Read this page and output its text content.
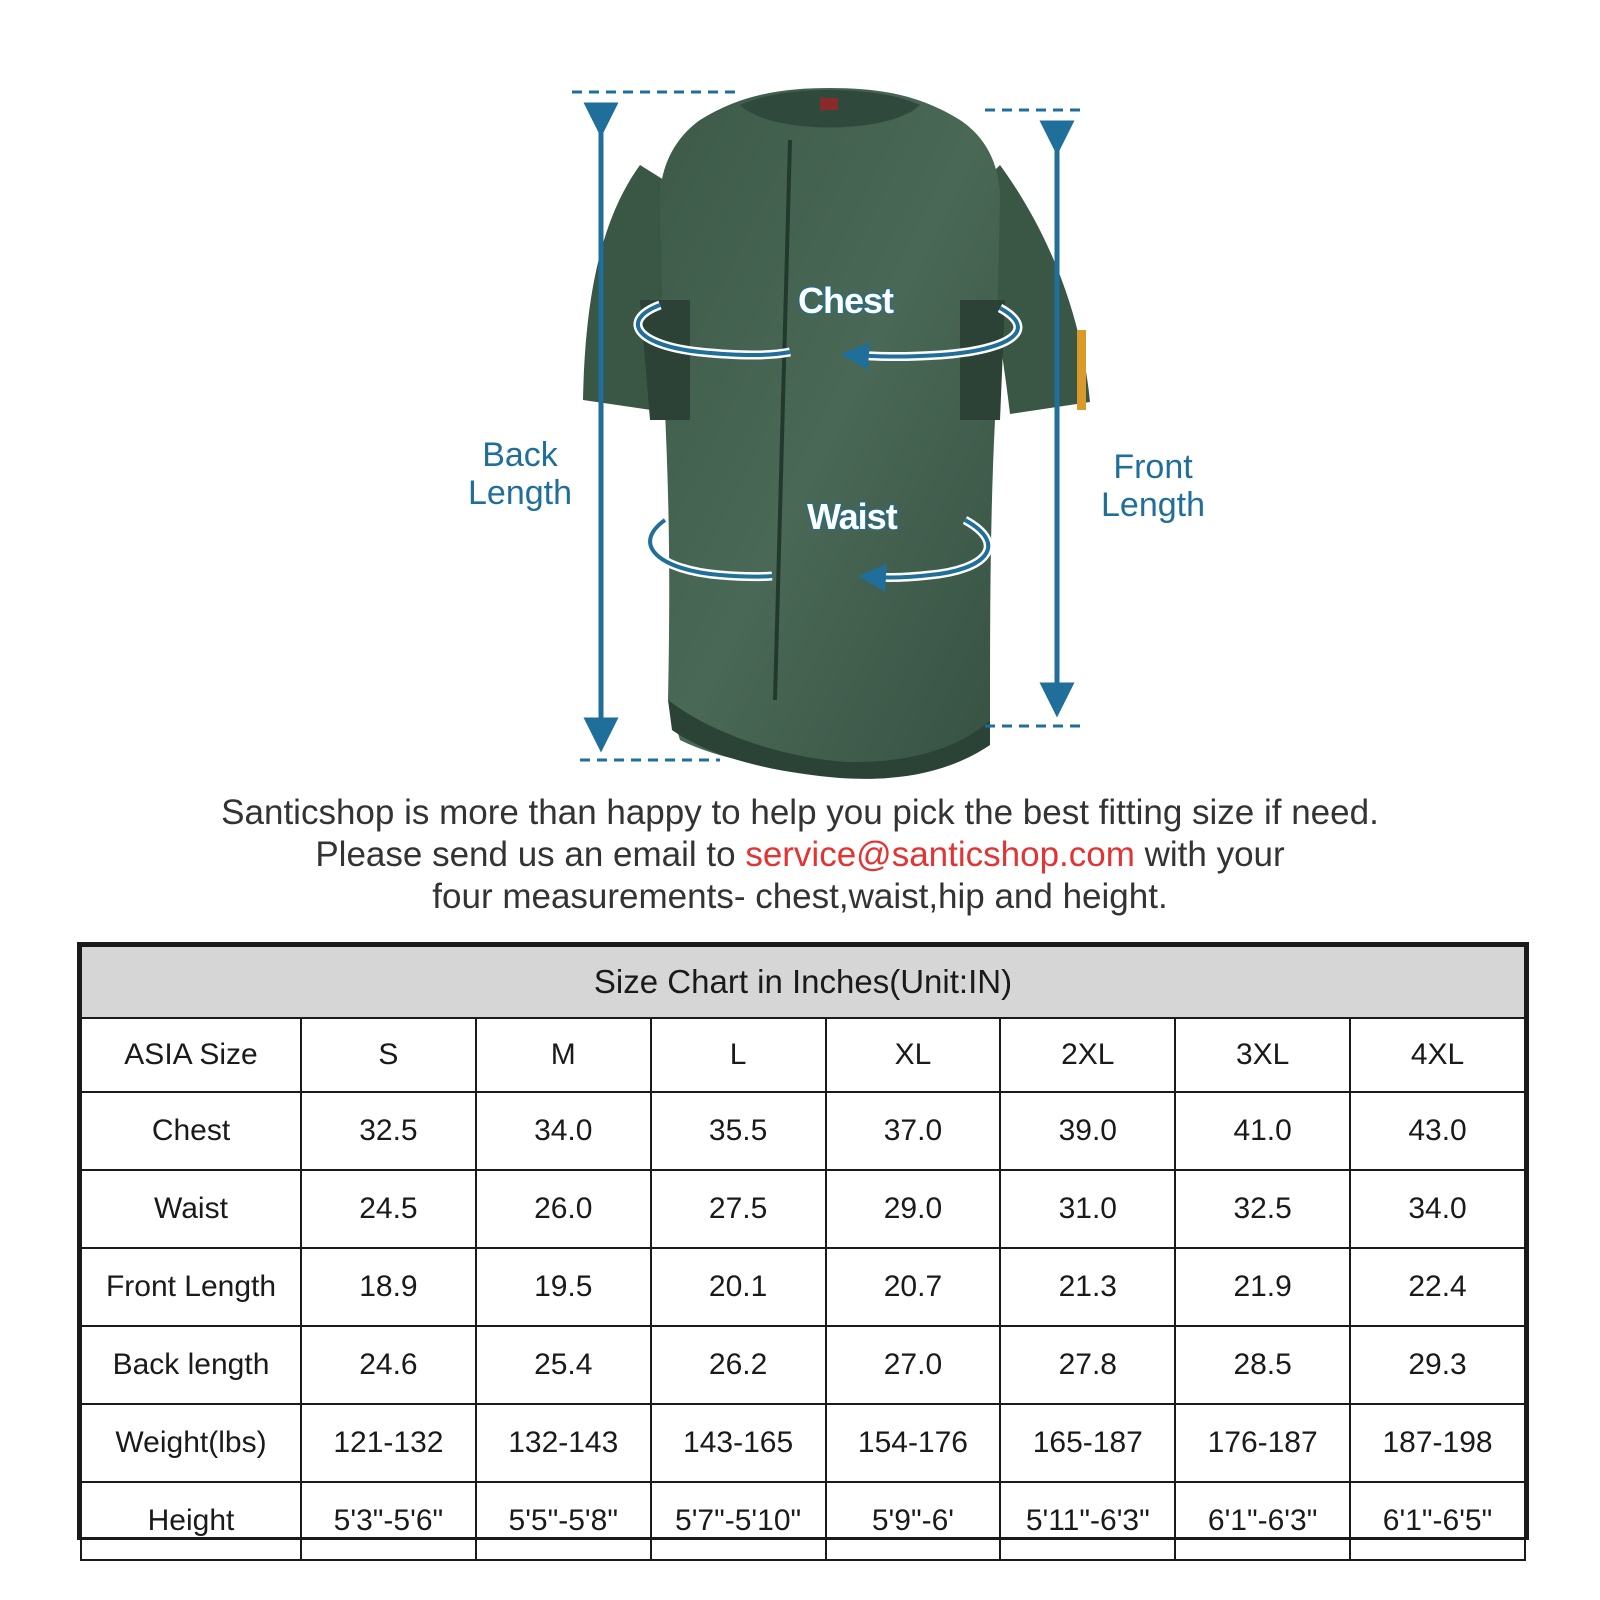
Back
Length
Front
Length
Chest
Waist
Santicshop is more than happy to help you pick the best fitting size if need.
Please send us an email to service@santicshop.com with your
four measurements- chest,waist,hip and height.
Size Chart in Inches(Unit:IN)							
ASIA Size	S	M	L	XL	2XL	3XL	4XL
Chest	32.5	34.0	35.5	37.0	39.0	41.0	43.0
Waist	24.5	26.0	27.5	29.0	31.0	32.5	34.0
Front Length	18.9	19.5	20.1	20.7	21.3	21.9	22.4
Back length	24.6	25.4	26.2	27.0	27.8	28.5	29.3
Weight(lbs)	121-132	132-143	143-165	154-176	165-187	176-187	187-198
Height	5'3"-5'6"	5'5"-5'8"	5'7"-5'10"	5'9"-6'	5'11"-6'3"	6'1"-6'3"	6'1"-6'5"
